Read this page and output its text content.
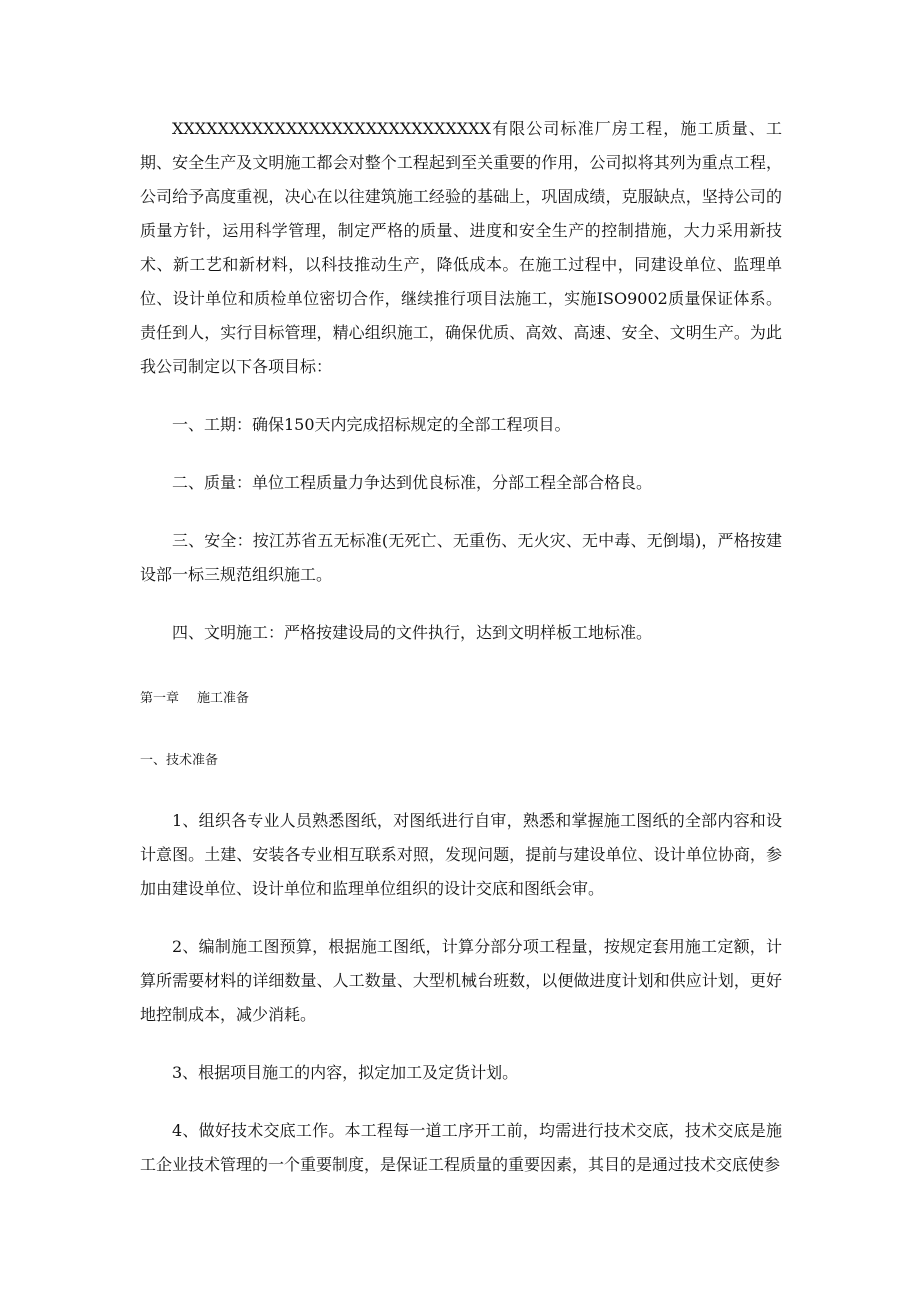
XXXXXXXXXXXXXXXXXXXXXXXXXXXX有限公司标准厂房工程，施工质量、工期、安全生产及文明施工都会对整个工程起到至关重要的作用，公司拟将其列为重点工程，公司给予高度重视，决心在以往建筑施工经验的基础上，巩固成绩，克服缺点，坚持公司的质量方针，运用科学管理，制定严格的质量、进度和安全生产的控制措施，大力采用新技术、新工艺和新材料，以科技推动生产，降低成本。在施工过程中，同建设单位、监理单位、设计单位和质检单位密切合作，继续推行项目法施工，实施ISO9002质量保证体系。责任到人，实行目标管理，精心组织施工，确保优质、高效、高速、安全、文明生产。为此我公司制定以下各项目标：

一、工期：确保150天内完成招标规定的全部工程项目。

二、质量：单位工程质量力争达到优良标准，分部工程全部合格良。

三、安全：按江苏省五无标准(无死亡、无重伤、无火灾、无中毒、无倒塌)，严格按建设部一标三规范组织施工。

四、文明施工：严格按建设局的文件执行，达到文明样板工地标准。

第一章 施工准备

一、技术准备

1、组织各专业人员熟悉图纸，对图纸进行自审，熟悉和掌握施工图纸的全部内容和设计意图。土建、安装各专业相互联系对照，发现问题，提前与建设单位、设计单位协商，参加由建设单位、设计单位和监理单位组织的设计交底和图纸会审。

2、编制施工图预算，根据施工图纸，计算分部分项工程量，按规定套用施工定额，计算所需要材料的详细数量、人工数量、大型机械台班数，以便做进度计划和供应计划，更好地控制成本，减少消耗。

3、根据项目施工的内容，拟定加工及定货计划。

4、做好技术交底工作。本工程每一道工序开工前，均需进行技术交底，技术交底是施工企业技术管理的一个重要制度，是保证工程质量的重要因素，其目的是通过技术交底使参
